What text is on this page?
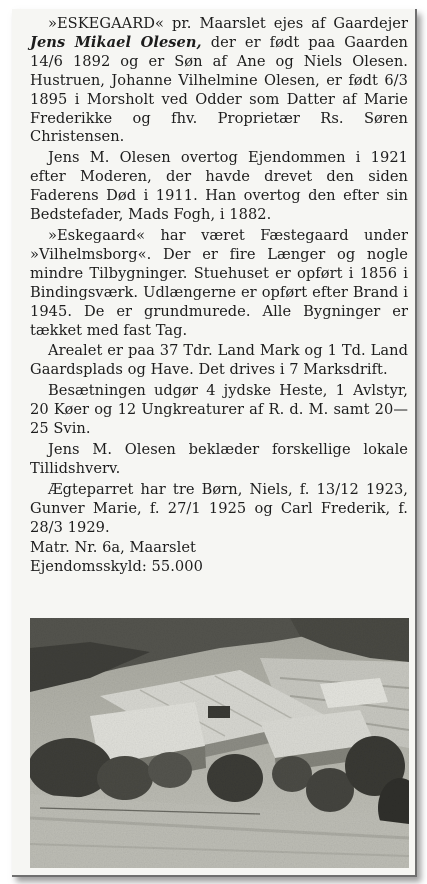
»ESKEGAARD« pr. Maarslet ejes af Gaardejer Jens Mikael Olesen, der er født paa Gaarden 14/6 1892 og er Søn af Ane og Niels Olesen. Hustruen, Johanne Vilhelmine Olesen, er født 6/3 1895 i Morsholt ved Odder som Datter af Marie Frederikke og fhv. Proprietær Rs. Søren Christensen.

Jens M. Olesen overtog Ejendommen i 1921 efter Moderen, der havde drevet den siden Faderens Død i 1911. Han overtog den efter sin Bedstefader, Mads Fogh, i 1882.

»Eskegaard« har været Fæstegaard under »Vilhelmsborg«. Der er fire Længer og nogle mindre Tilbygninger. Stuehuset er opført i 1856 i Bindingsværk. Udlængerne er opført efter Brand i 1945. De er grundmurede. Alle Bygninger er tækket med fast Tag.

Arealet er paa 37 Tdr. Land Mark og 1 Td. Land Gaardsplads og Have. Det drives i 7 Marksdrift.

Besætningen udgør 4 jydske Heste, 1 Avlstyr, 20 Køer og 12 Ungkreaturer af R. d. M. samt 20—25 Svin.

Jens M. Olesen beklæder forskellige lokale Tillidshverv.

Ægteparret har tre Børn, Niels, f. 13/12 1923, Gunver Marie, f. 27/1 1925 og Carl Frederik, f. 28/3 1929.

Matr. Nr. 6a, Maarslet

Ejendomsskyld: 55.000
